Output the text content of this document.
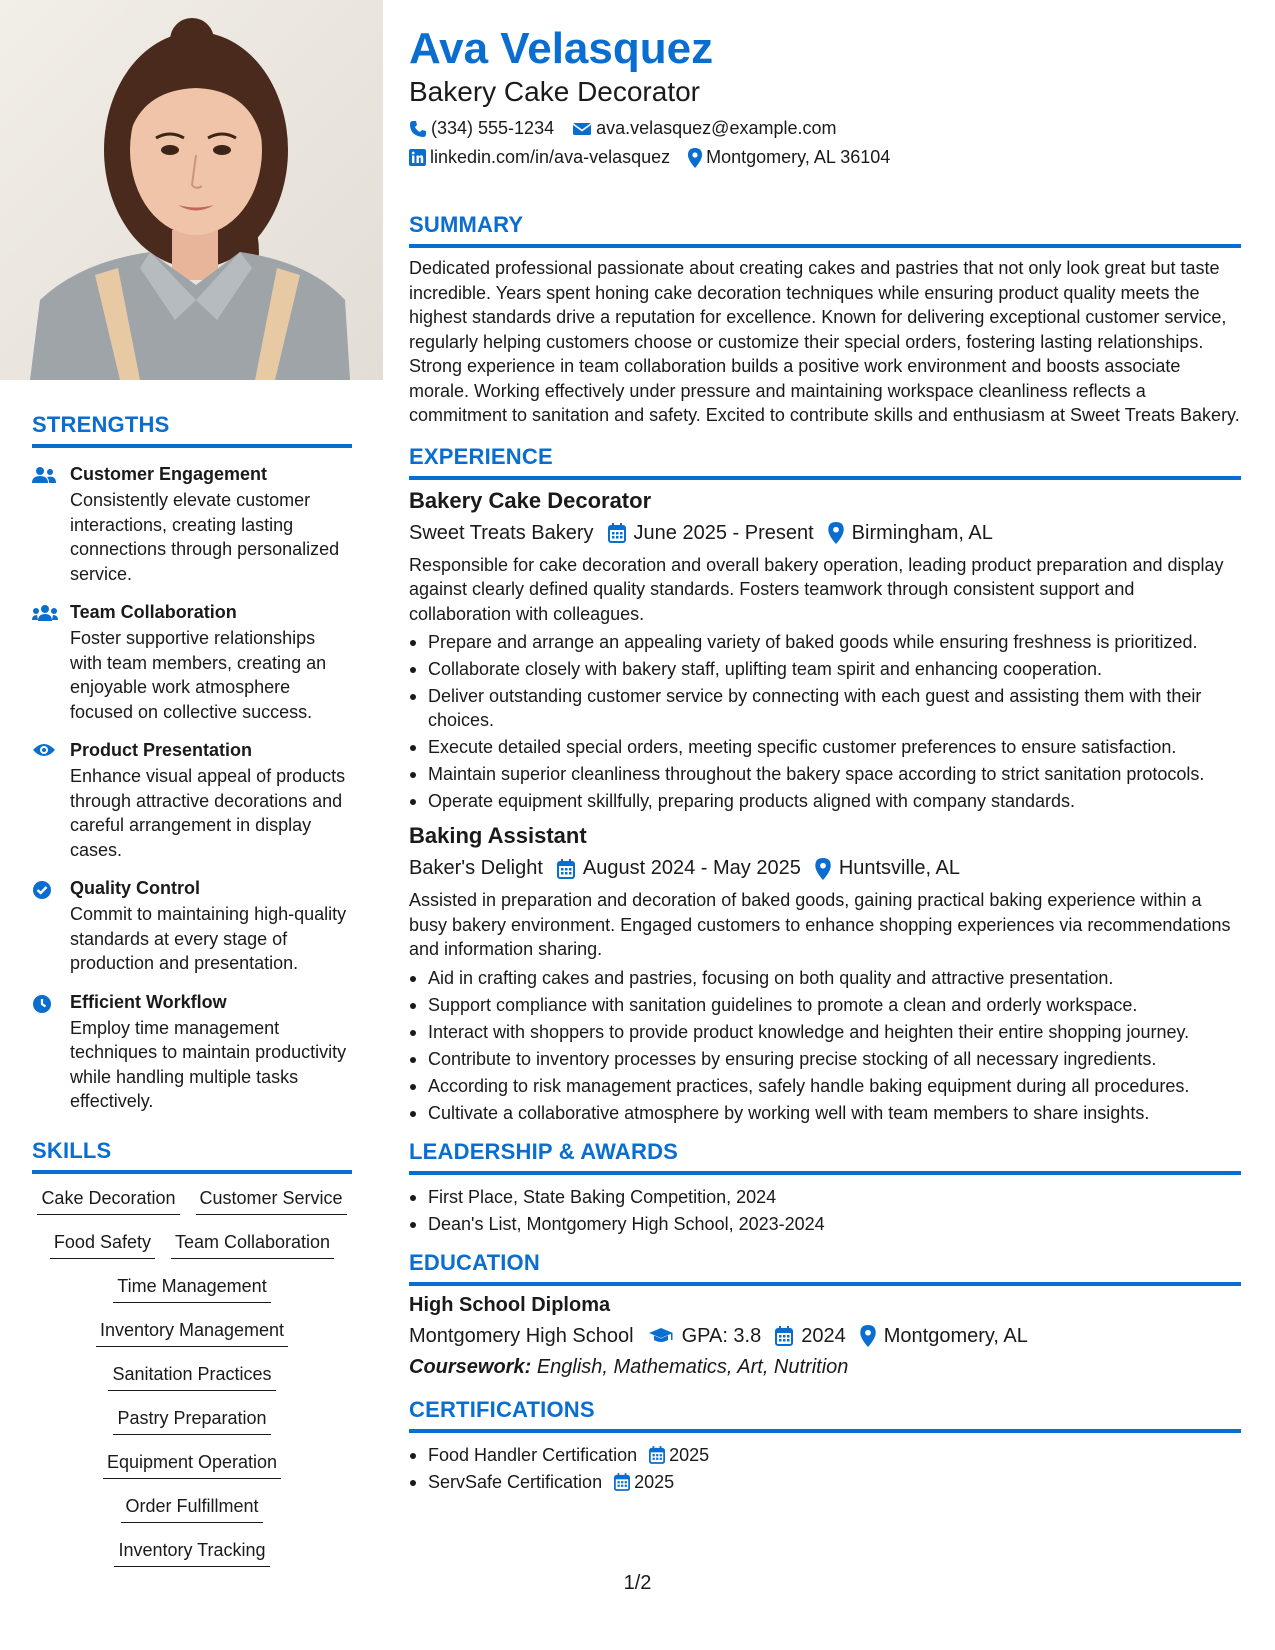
STRENGTHS
Customer Engagement
Consistently elevate customer interactions, creating lasting connections through personalized service.
Team Collaboration
Foster supportive relationships with team members, creating an enjoyable work atmosphere focused on collective success.
Product Presentation
Enhance visual appeal of products through attractive decorations and careful arrangement in display cases.
Quality Control
Commit to maintaining high-quality standards at every stage of production and presentation.
Efficient Workflow
Employ time management techniques to maintain productivity while handling multiple tasks effectively.
SKILLS
Cake Decoration Customer Service
Food Safety Team Collaboration
Time Management
Inventory Management
Sanitation Practices
Pastry Preparation
Equipment Operation
Order Fulfillment
Inventory Tracking
Ava Velasquez
Bakery Cake Decorator
(334) 555-1234 ava.velasquez@example.com
linkedin.com/in/ava-velasquez Montgomery, AL 36104
SUMMARY
Dedicated professional passionate about creating cakes and pastries that not only look great but taste incredible. Years spent honing cake decoration techniques while ensuring product quality meets the highest standards drive a reputation for excellence. Known for delivering exceptional customer service, regularly helping customers choose or customize their special orders, fostering lasting relationships. Strong experience in team collaboration builds a positive work environment and boosts associate morale. Working effectively under pressure and maintaining workspace cleanliness reflects a commitment to sanitation and safety. Excited to contribute skills and enthusiasm at Sweet Treats Bakery.
EXPERIENCE
Bakery Cake Decorator
Sweet Treats Bakery June 2025 - Present Birmingham, AL
Responsible for cake decoration and overall bakery operation, leading product preparation and display against clearly defined quality standards. Fosters teamwork through consistent support and collaboration with colleagues.
Prepare and arrange an appealing variety of baked goods while ensuring freshness is prioritized.
Collaborate closely with bakery staff, uplifting team spirit and enhancing cooperation.
Deliver outstanding customer service by connecting with each guest and assisting them with their choices.
Execute detailed special orders, meeting specific customer preferences to ensure satisfaction.
Maintain superior cleanliness throughout the bakery space according to strict sanitation protocols.
Operate equipment skillfully, preparing products aligned with company standards.
Baking Assistant
Baker's Delight August 2024 - May 2025 Huntsville, AL
Assisted in preparation and decoration of baked goods, gaining practical baking experience within a busy bakery environment. Engaged customers to enhance shopping experiences via recommendations and information sharing.
Aid in crafting cakes and pastries, focusing on both quality and attractive presentation.
Support compliance with sanitation guidelines to promote a clean and orderly workspace.
Interact with shoppers to provide product knowledge and heighten their entire shopping journey.
Contribute to inventory processes by ensuring precise stocking of all necessary ingredients.
According to risk management practices, safely handle baking equipment during all procedures.
Cultivate a collaborative atmosphere by working well with team members to share insights.
LEADERSHIP & AWARDS
First Place, State Baking Competition, 2024
Dean's List, Montgomery High School, 2023-2024
EDUCATION
High School Diploma
Montgomery High School GPA: 3.8 2024 Montgomery, AL
Coursework: English, Mathematics, Art, Nutrition
CERTIFICATIONS
Food Handler Certification 2025
ServSafe Certification 2025
1/2
